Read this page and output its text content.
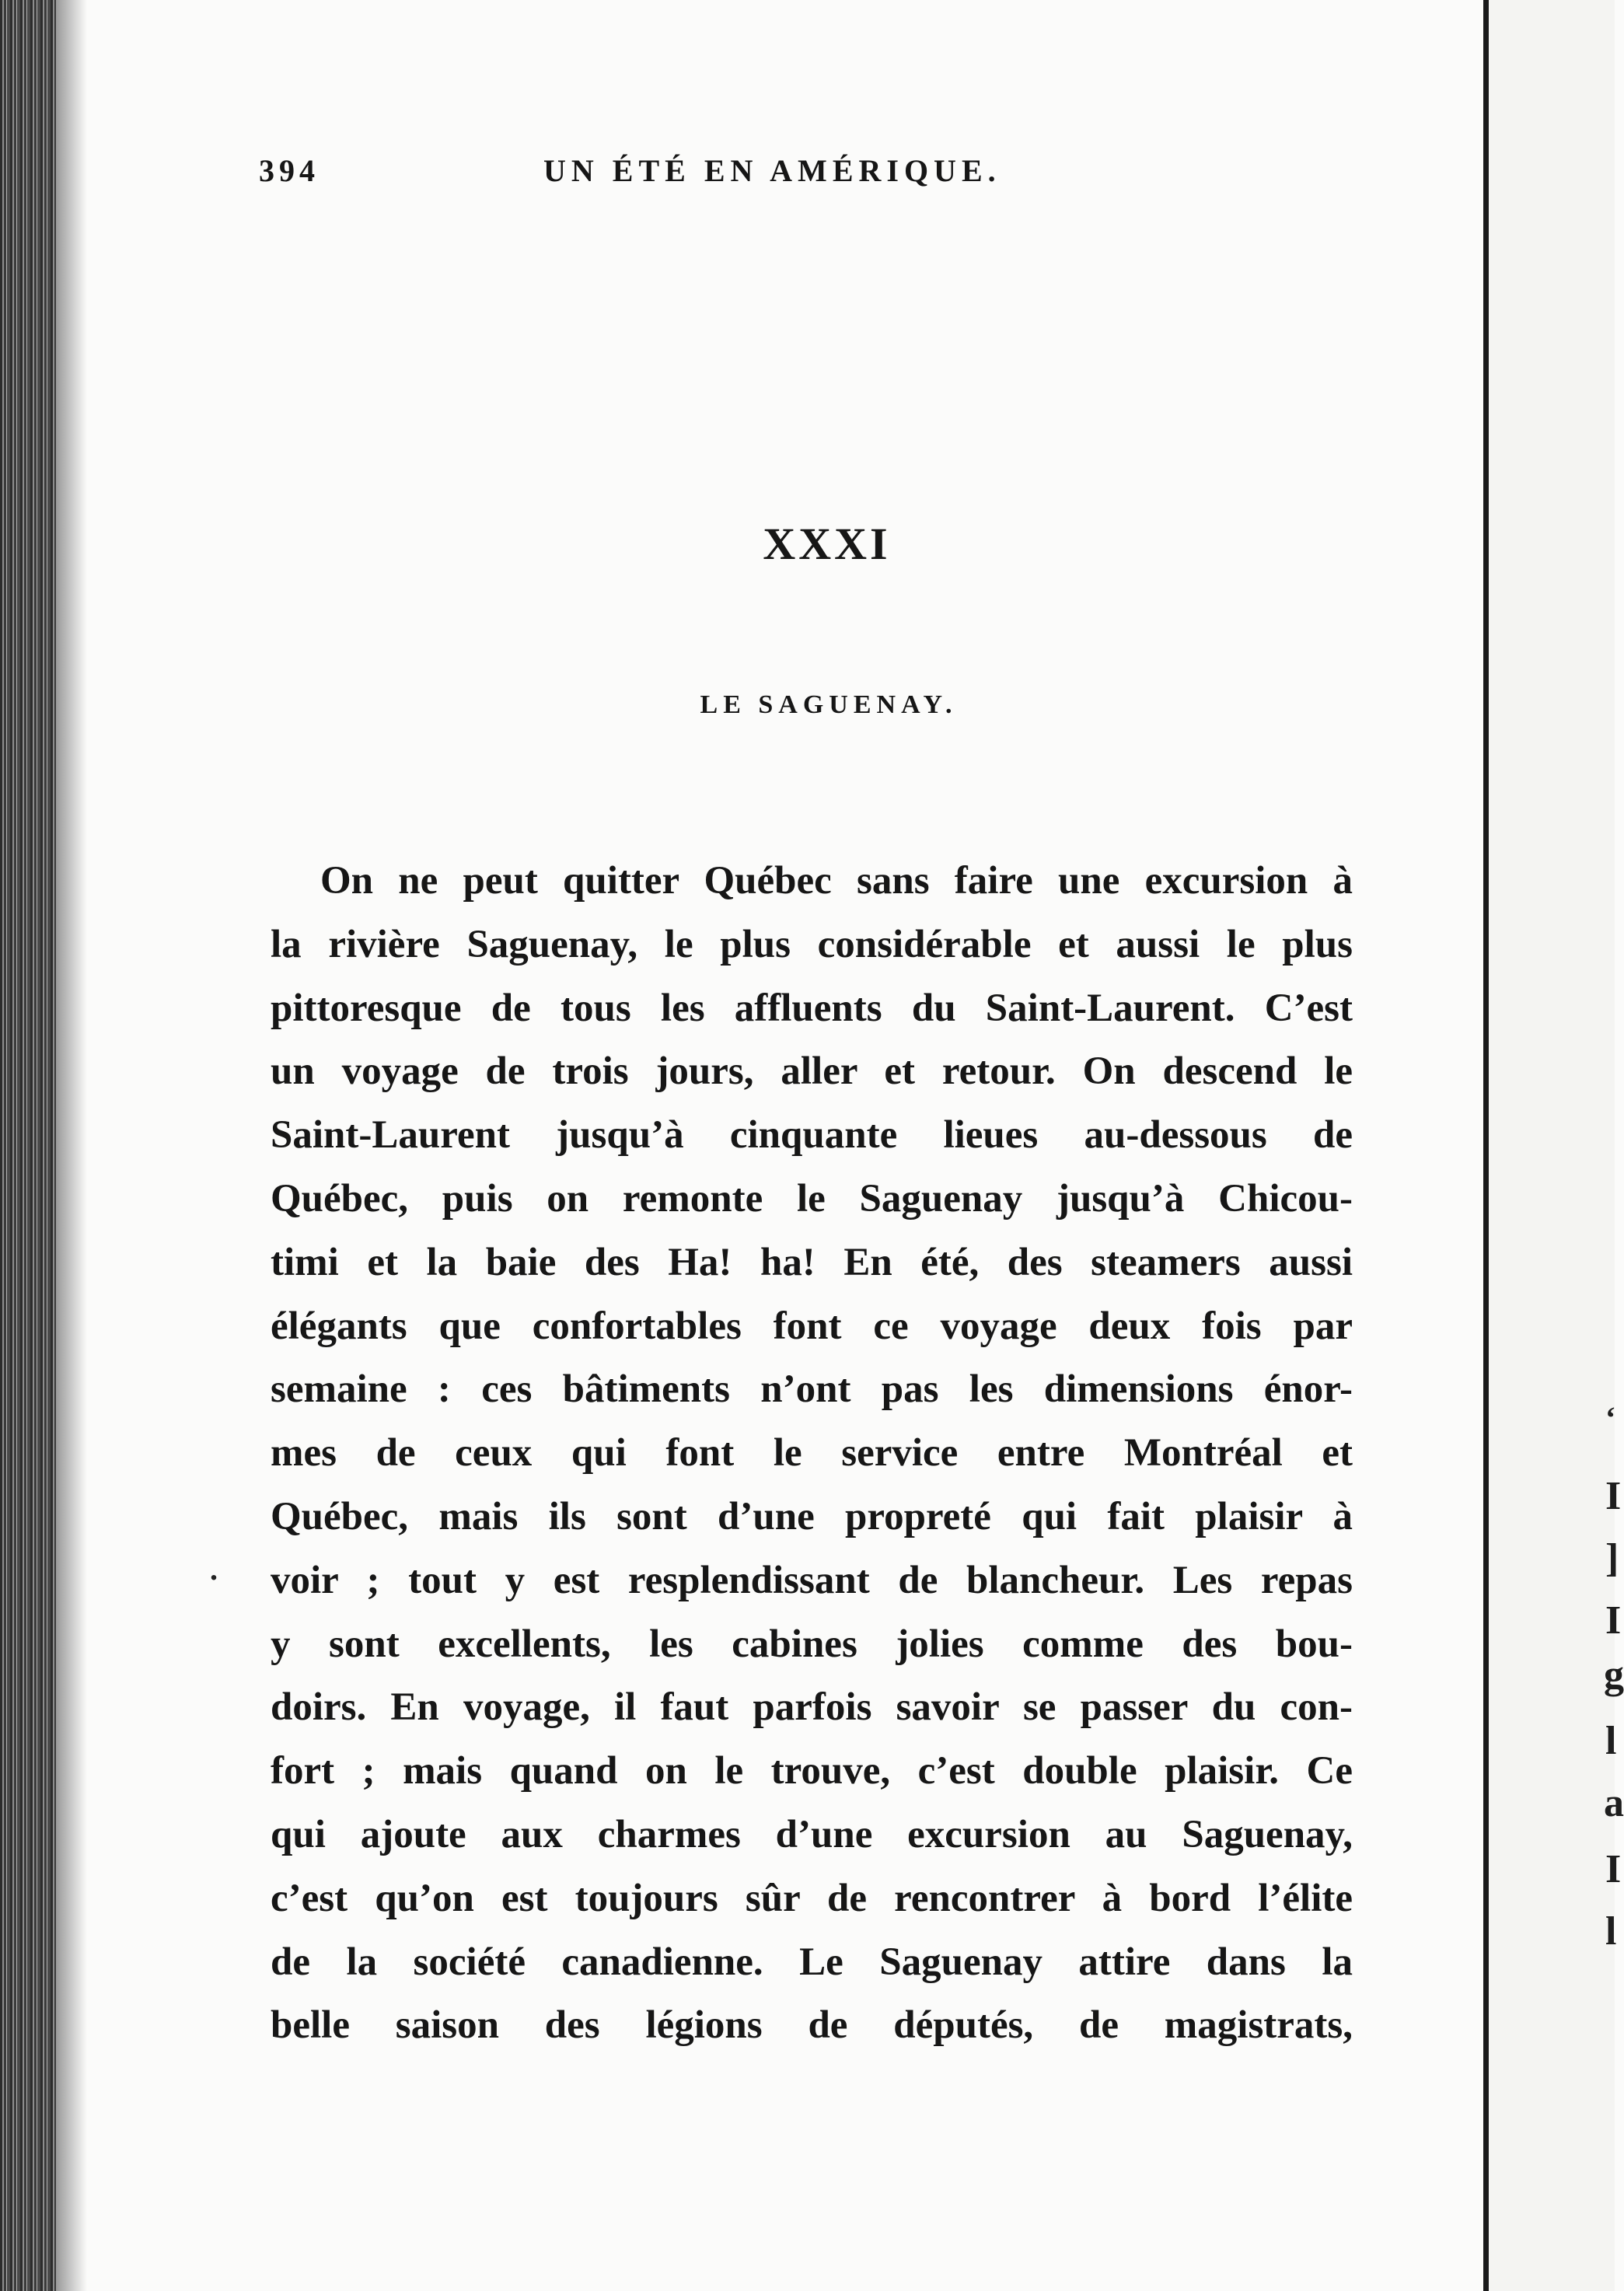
394	UN ÉTÉ EN AMÉRIQUE.
XXXI
LE SAGUENAY.
On ne peut quitter Québec sans faire une excursion à
la rivière Saguenay, le plus considérable et aussi le plus
pittoresque de tous les affluents du Saint-Laurent. C’est
un voyage de trois jours, aller et retour. On descend le
Saint-Laurent jusqu’à cinquante lieues au-dessous de
Québec, puis on remonte le Saguenay jusqu’à Chicou-
timi et la baie des Ha! ha! En été, des steamers aussi
élégants que confortables font ce voyage deux fois par
semaine : ces bâtiments n’ont pas les dimensions énor-
mes de ceux qui font le service entre Montréal et
Québec, mais ils sont d’une propreté qui fait plaisir à
voir ; tout y est resplendissant de blancheur. Les repas
y sont excellents, les cabines jolies comme des bou-
doirs. En voyage, il faut parfois savoir se passer du con-
fort ; mais quand on le trouve, c’est double plaisir. Ce
qui ajoute aux charmes d’une excursion au Saguenay,
c’est qu’on est toujours sûr de rencontrer à bord l’élite
de la société canadienne. Le Saguenay attire dans la
belle saison des légions de députés, de magistrats,
.
‘
I
]
I
g
l
a
I
l
